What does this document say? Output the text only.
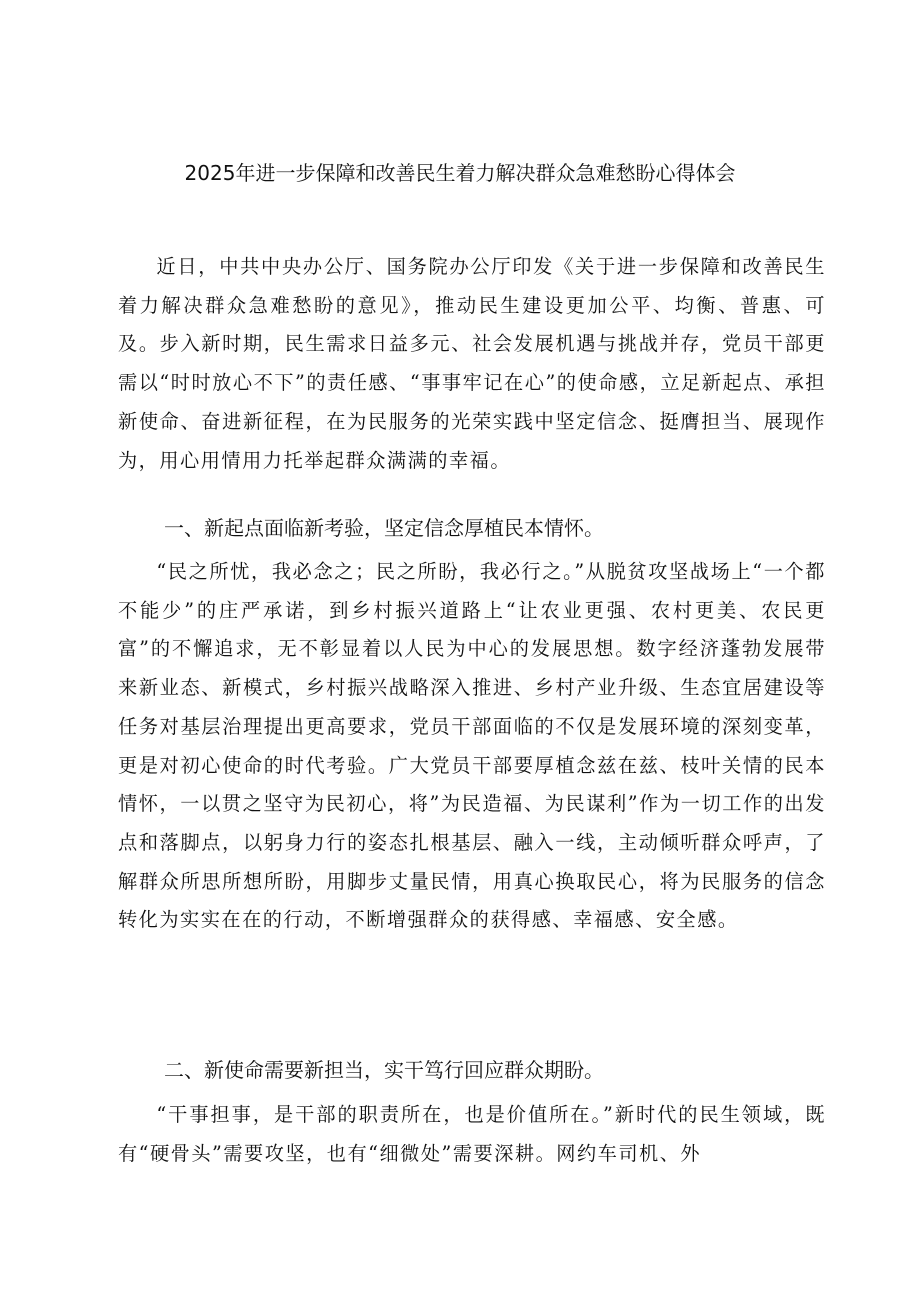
2025年进一步保障和改善民生着力解决群众急难愁盼心得体会

近日，中共中央办公厅、国务院办公厅印发《关于进一步保障和改善民生着力解决群众急难愁盼的意见》，推动民生建设更加公平、均衡、普惠、可及。步入新时期，民生需求日益多元、社会发展机遇与挑战并存，党员干部更需以“时时放心不下”的责任感、“事事牢记在心”的使命感，立足新起点、承担新使命、奋进新征程，在为民服务的光荣实践中坚定信念、挺膺担当、展现作为，用心用情用力托举起群众满满的幸福。

一、新起点面临新考验，坚定信念厚植民本情怀。

“民之所忧，我必念之；民之所盼，我必行之。”从脱贫攻坚战场上“一个都不能少”的庄严承诺，到乡村振兴道路上“让农业更强、农村更美、农民更富”的不懈追求，无不彰显着以人民为中心的发展思想。数字经济蓬勃发展带来新业态、新模式，乡村振兴战略深入推进、乡村产业升级、生态宜居建设等任务对基层治理提出更高要求，党员干部面临的不仅是发展环境的深刻变革，更是对初心使命的时代考验。广大党员干部要厚植念兹在兹、枝叶关情的民本情怀，一以贯之坚守为民初心，将”为民造福、为民谋利”作为一切工作的出发点和落脚点，以躬身力行的姿态扎根基层、融入一线，主动倾听群众呼声，了解群众所思所想所盼，用脚步丈量民情，用真心换取民心，将为民服务的信念转化为实实在在的行动，不断增强群众的获得感、幸福感、安全感。

二、新使命需要新担当，实干笃行回应群众期盼。

“干事担事，是干部的职责所在，也是价值所在。”新时代的民生领域，既有“硬骨头”需要攻坚，也有“细微处”需要深耕。网约车司机、外
